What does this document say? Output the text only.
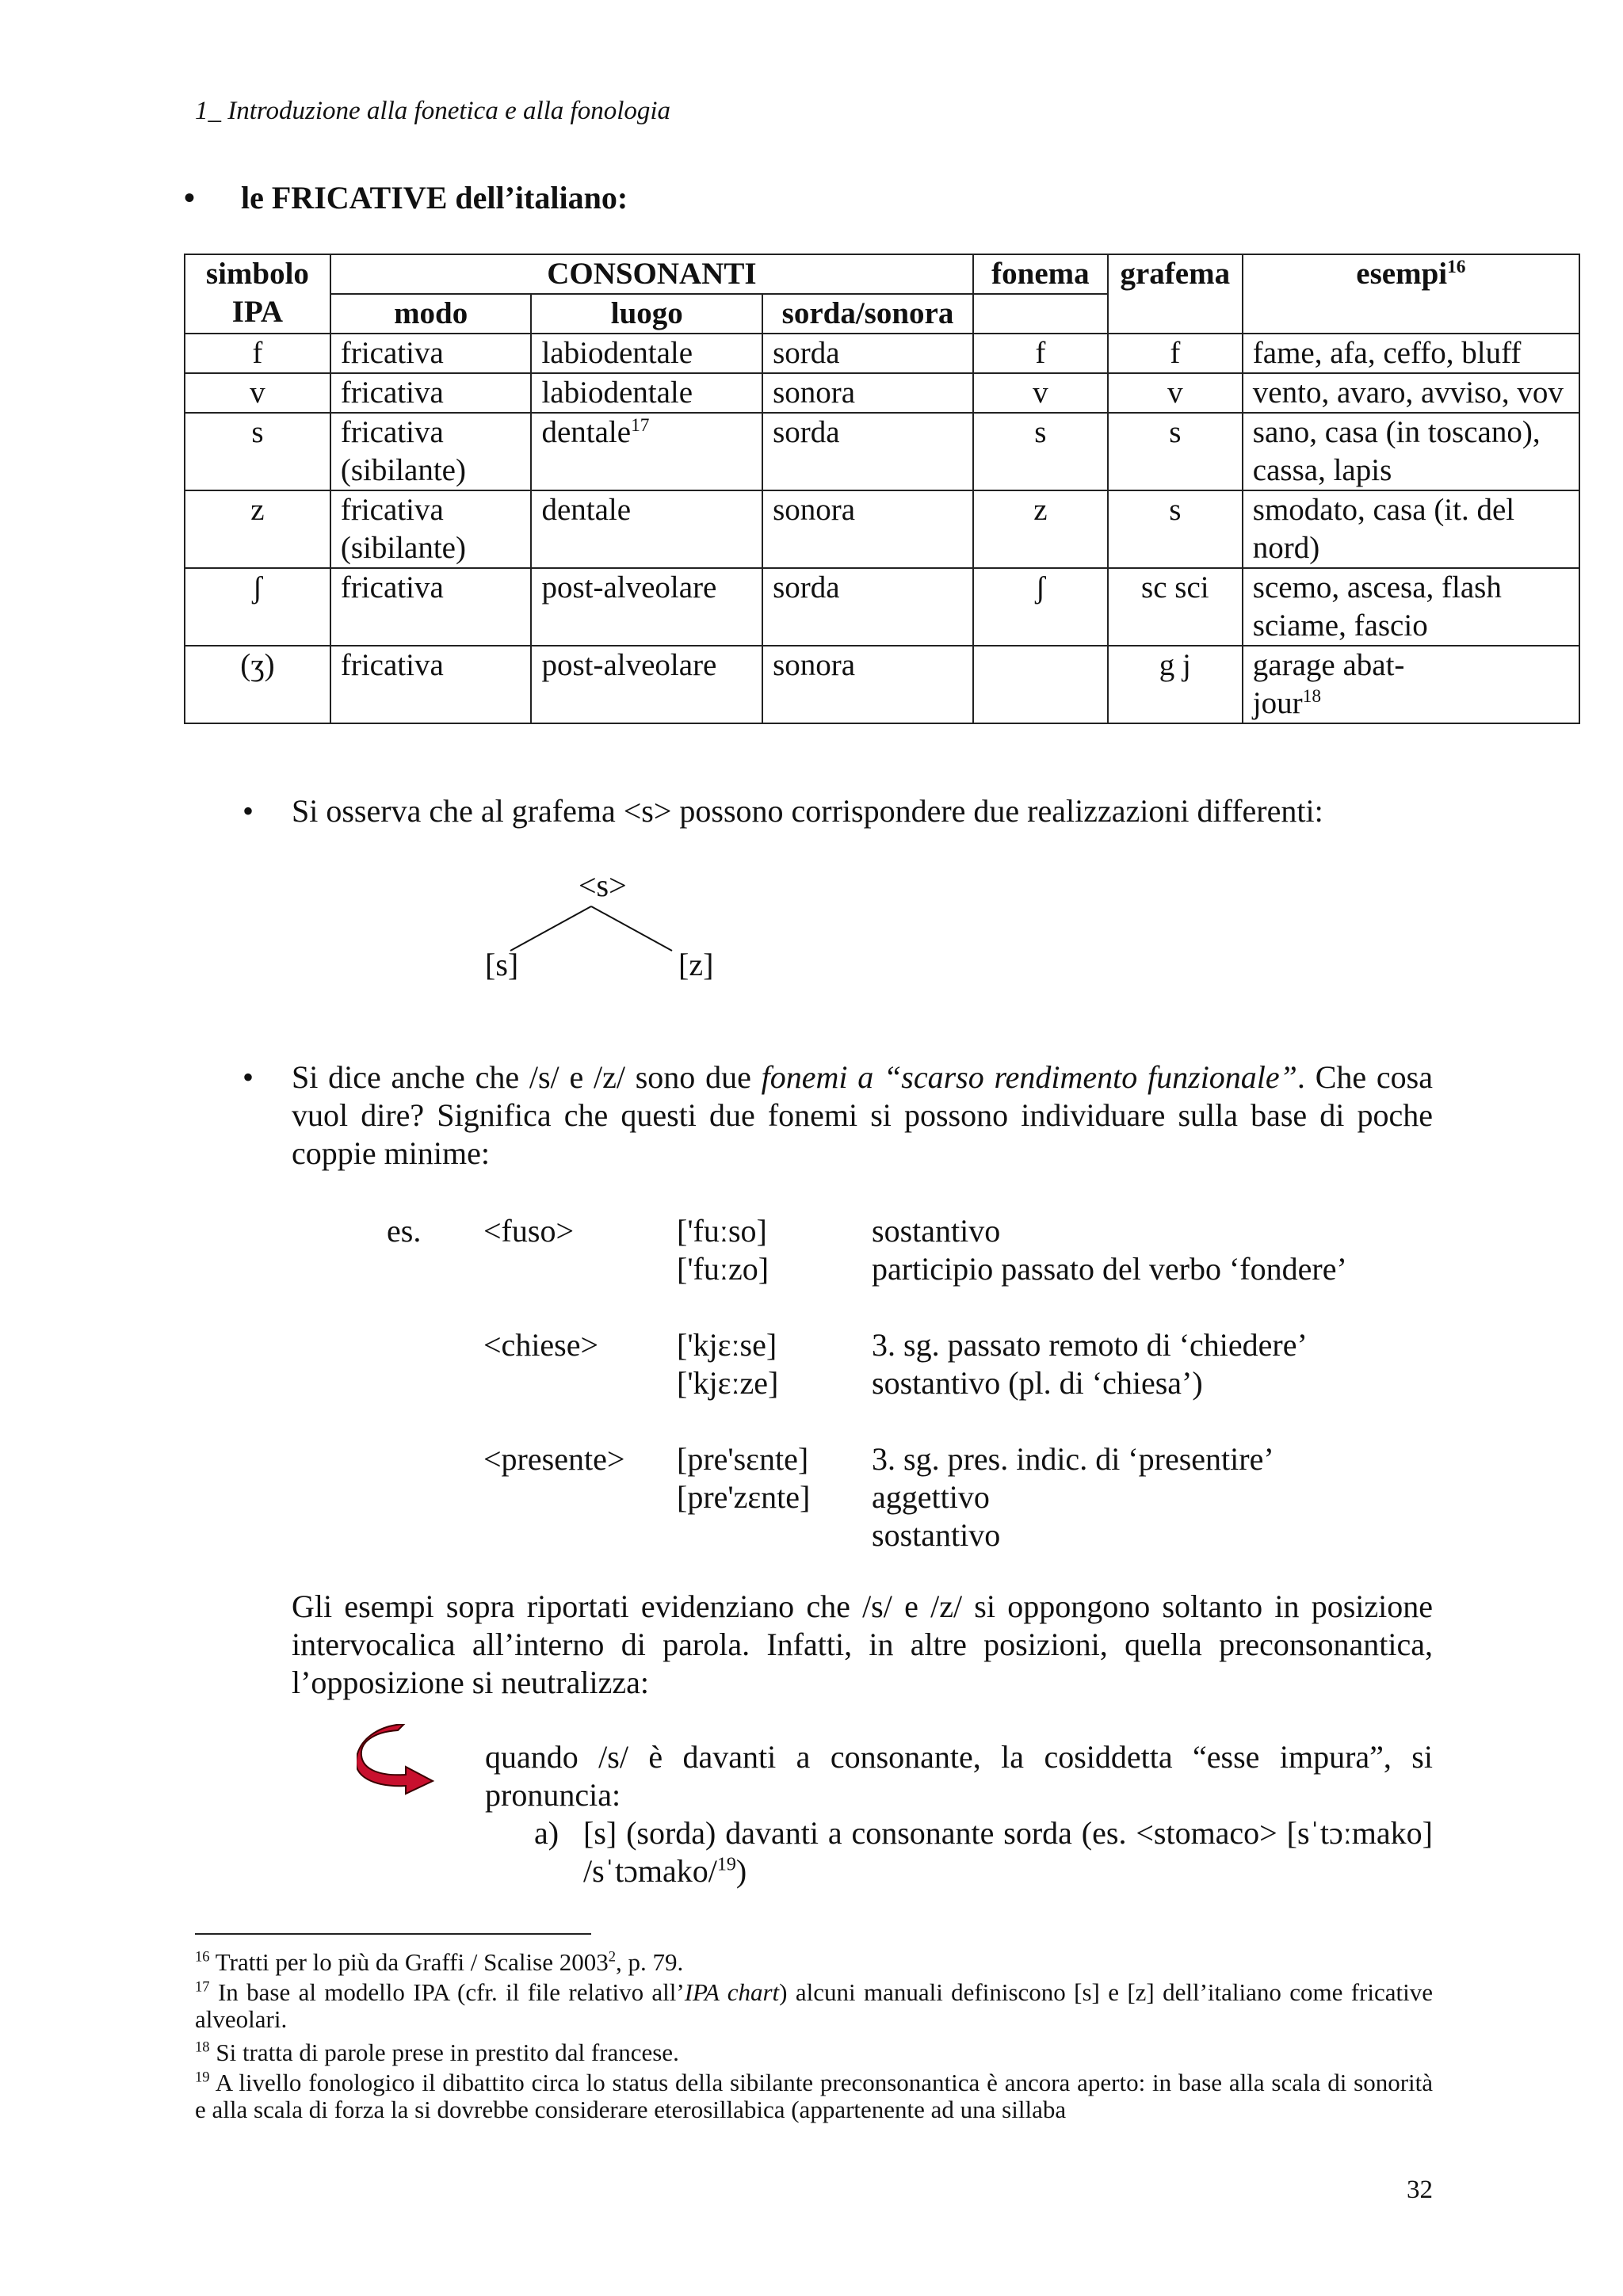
1_ Introduzione alla fonetica e alla fonologia
• le FRICATIVE dell’italiano:
simbolo
IPA	CONSONANTI			fonema	grafema	esempi$^{16}$
	modo	luogo	sorda/sonora			
f	fricativa	labiodentale	sorda	f	f	fame, afa, ceffo, bluff
v	fricativa	labiodentale	sonora	v	v	vento, avaro, avviso, vov
s	fricativa (sibilante)	dentale$^{17}$	sorda	s	s	sano, casa (in toscano), cassa, lapis
z	fricativa (sibilante)	dentale	sonora	z	s	smodato, casa (it. del nord)
ʃ	fricativa	post-alveolare	sorda	ʃ	sc sci	scemo, ascesa, flash sciame, fascio
(ʒ)	fricativa	post-alveolare	sonora		g j	garage abat-jour$^{18}$
• Si osserva che al grafema <s> possono corrispondere due realizzazioni differenti:
<s>
[s]	[z]
• Si dice anche che /s/ e /z/ sono due fonemi a “scarso rendimento funzionale”. Che cosa vuol dire? Significa che questi due fonemi si possono individuare sulla base di poche coppie minime:
es. <fuso>	['fuːso]	sostantivo
['fuːzo]	participio passato del verbo ‘fondere’
<chiese> ['kjɛːse]	3. sg. passato remoto di ‘chiedere’
['kjɛːze]	sostantivo (pl. di ‘chiesa’)
<presente> [pre'sɛnte] 3. sg. pres. indic. di ‘presentire’
[pre'zɛnte] aggettivo
sostantivo
Gli esempi sopra riportati evidenziano che /s/ e /z/ si oppongono soltanto in posizione intervocalica all’interno di parola. Infatti, in altre posizioni, quella preconsonantica, l’opposizione si neutralizza:
quando /s/ è davanti a consonante, la cosiddetta “esse impura”, si pronuncia:
a) [s] (sorda) davanti a consonante sorda (es. <stomaco> [sˈtɔːmako] /sˈtɔmako/$^{19}$)
$^{16}$ Tratti per lo più da Graffi / Scalise 2003$^2$, p. 79.
$^{17}$ In base al modello IPA (cfr. il file relativo all’IPA chart) alcuni manuali definiscono [s] e [z] dell’italiano come fricative alveolari.
$^{18}$ Si tratta di parole prese in prestito dal francese.
$^{19}$ A livello fonologico il dibattito circa lo status della sibilante preconsonantica è ancora aperto: in base alla scala di sonorità e alla scala di forza la si dovrebbe considerare eterosillabica (appartenente ad una sillaba
32
